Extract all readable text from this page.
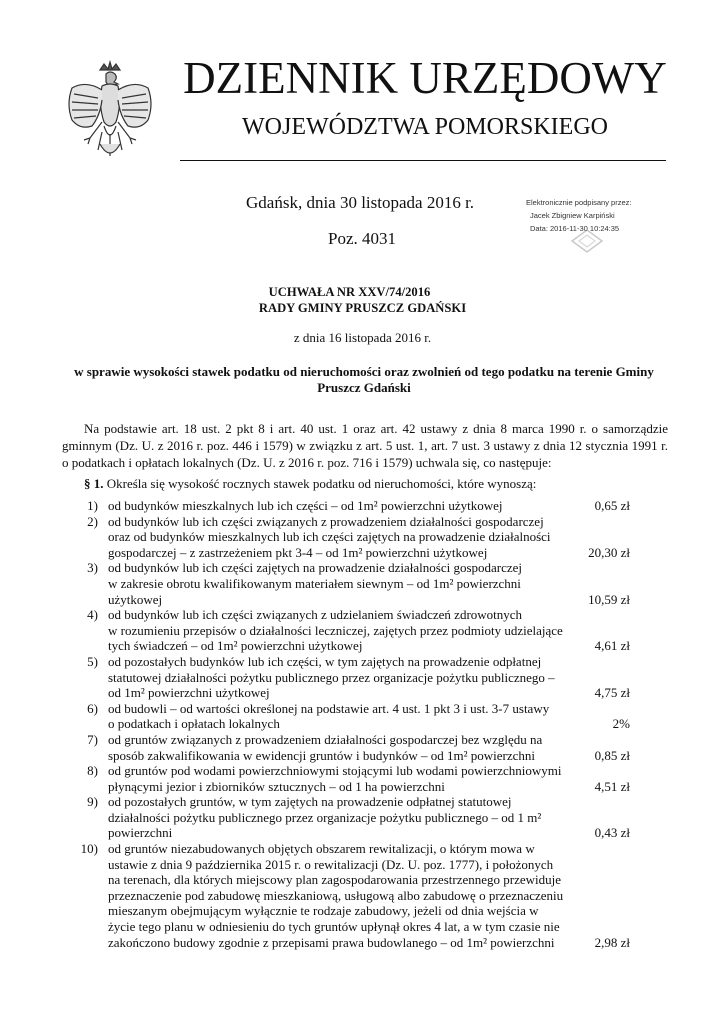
DZIENNIK URZĘDOWY
WOJEWÓDZTWA POMORSKIEGO
Gdańsk, dnia 30 listopada 2016 r.
Poz. 4031
Elektronicznie podpisany przez:
Jacek Zbigniew Karpiński
Data: 2016-11-30 10:24:35
UCHWAŁA NR XXV/74/2016
RADY GMINY PRUSZCZ GDAŃSKI
z dnia 16 listopada 2016 r.
w sprawie wysokości stawek podatku od nieruchomości oraz zwolnień od tego podatku na terenie Gminy
Pruszcz Gdański
Na podstawie art. 18 ust. 2 pkt 8 i art. 40 ust. 1 oraz art. 42 ustawy z dnia 8 marca 1990 r. o samorządzie gminnym (Dz. U. z 2016 r. poz. 446 i 1579) w związku z art. 5 ust. 1, art. 7 ust. 3 ustawy z dnia 12 stycznia 1991 r. o podatkach i opłatach lokalnych (Dz. U. z 2016 r. poz. 716 i 1579) uchwala się, co następuje:
§ 1. Określa się wysokość rocznych stawek podatku od nieruchomości, które wynoszą:
1) od budynków mieszkalnych lub ich części – od 1m² powierzchni użytkowej	0,65 zł
2) od budynków lub ich części związanych z prowadzeniem działalności gospodarczej
oraz od budynków mieszkalnych lub ich części zajętych na prowadzenie działalności
gospodarczej – z zastrzeżeniem pkt 3-4 – od 1m² powierzchni użytkowej	20,30 zł
3) od budynków lub ich części zajętych na prowadzenie działalności gospodarczej
w zakresie obrotu kwalifikowanym materiałem siewnym – od 1m² powierzchni
użytkowej	10,59 zł
4) od budynków lub ich części związanych z udzielaniem świadczeń zdrowotnych
w rozumieniu przepisów o działalności leczniczej, zajętych przez podmioty udzielające
tych świadczeń – od 1m² powierzchni użytkowej	4,61 zł
5) od pozostałych budynków lub ich części, w tym zajętych na prowadzenie odpłatnej
statutowej działalności pożytku publicznego przez organizacje pożytku publicznego –
od 1m² powierzchni użytkowej	4,75 zł
6) od budowli – od wartości określonej na podstawie art. 4 ust. 1 pkt 3 i ust. 3-7 ustawy
o podatkach i opłatach lokalnych	2%
7) od gruntów związanych z prowadzeniem działalności gospodarczej bez względu na
sposób zakwalifikowania w ewidencji gruntów i budynków – od 1m² powierzchni	0,85 zł
8) od gruntów pod wodami powierzchniowymi stojącymi lub wodami powierzchniowymi
płynącymi jezior i zbiorników sztucznych – od 1 ha powierzchni	4,51 zł
9) od pozostałych gruntów, w tym zajętych na prowadzenie odpłatnej statutowej
działalności pożytku publicznego przez organizacje pożytku publicznego – od 1 m²
powierzchni	0,43 zł
10) od gruntów niezabudowanych objętych obszarem rewitalizacji, o którym mowa w
ustawie z dnia 9 października 2015 r. o rewitalizacji (Dz. U. poz. 1777), i położonych
na terenach, dla których miejscowy plan zagospodarowania przestrzennego przewiduje
przeznaczenie pod zabudowę mieszkaniową, usługową albo zabudowę o przeznaczeniu
mieszanym obejmującym wyłącznie te rodzaje zabudowy, jeżeli od dnia wejścia w
życie tego planu w odniesieniu do tych gruntów upłynął okres 4 lat, a w tym czasie nie
zakończono budowy zgodnie z przepisami prawa budowlanego – od 1m² powierzchni	2,98 zł
